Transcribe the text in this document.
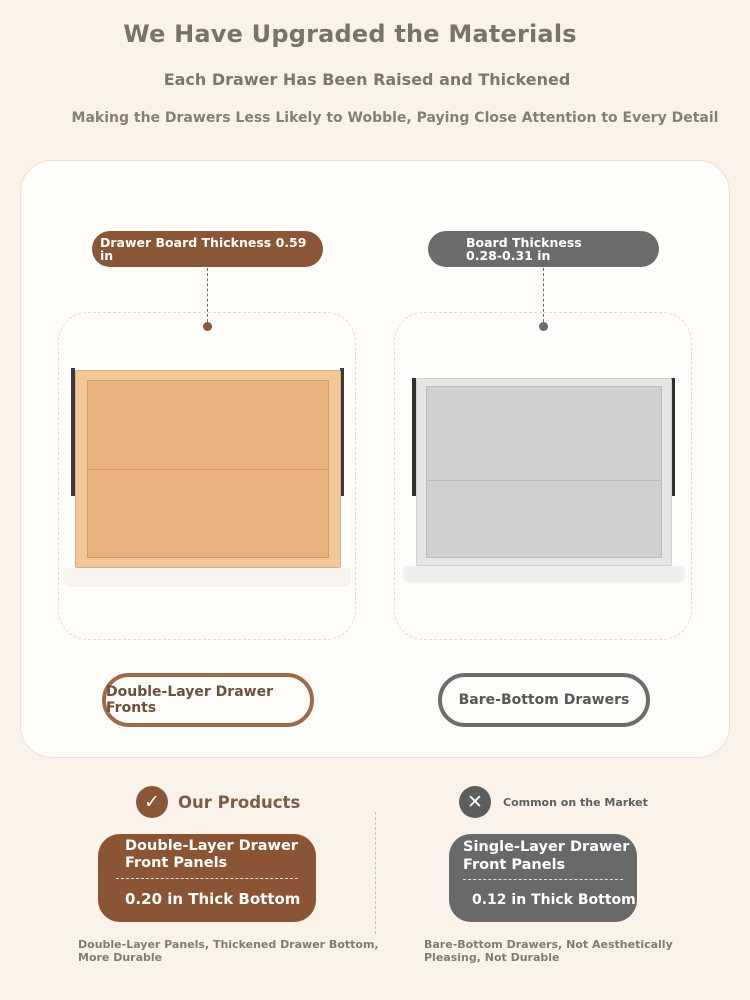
We Have Upgraded the Materials
Each Drawer Has Been Raised and Thickened
Making the Drawers Less Likely to Wobble, Paying Close Attention to Every Detail
Drawer Board Thickness 0.59 in
Board Thickness
0.28-0.31 in
Double-Layer Drawer Fronts	Bare-Bottom Drawers
✓	Our Products	✕	Common on the Market
Double-Layer Drawer
Front Panels
0.20 in Thick Bottom
Single-Layer Drawer
Front Panels
0.12 in Thick Bottom
Double-Layer Panels, Thickened Drawer Bottom,
More Durable
Bare-Bottom Drawers, Not Aesthetically
Pleasing, Not Durable
